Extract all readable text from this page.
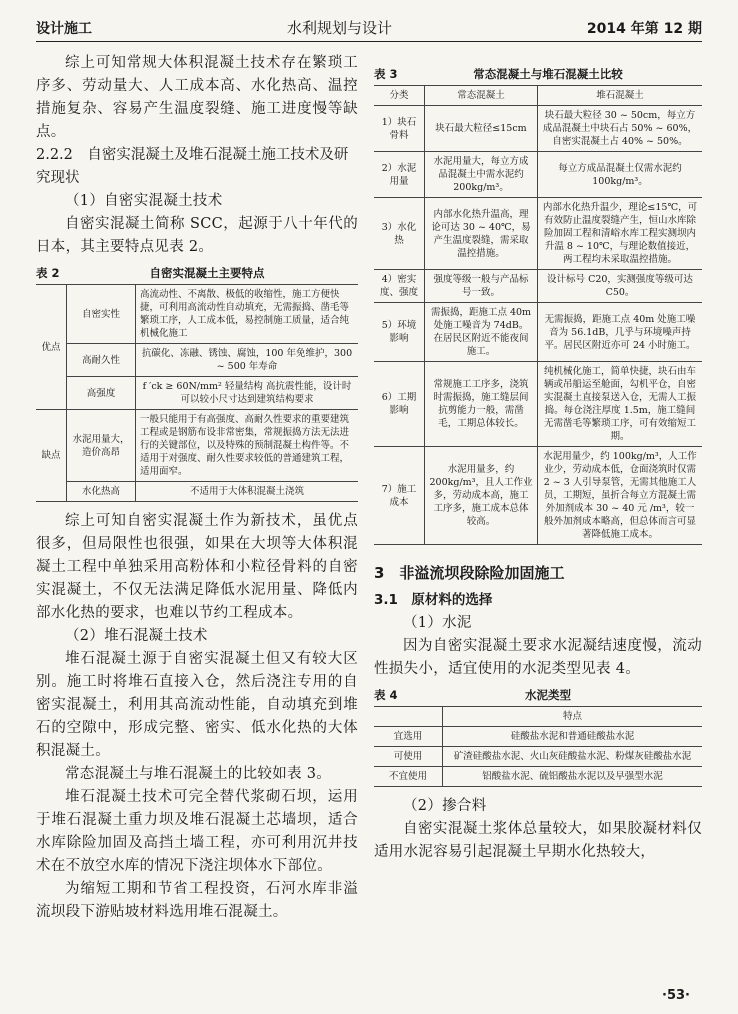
设计施工	水利规划与设计	2014 年第 12 期

综上可知常规大体积混凝土技术存在繁琐工序多、劳动量大、人工成本高、水化热高、温控措施复杂、容易产生温度裂缝、施工进度慢等缺点。

2.2.2　自密实混凝土及堆石混凝土施工技术及研究现状

（1）自密实混凝土技术

自密实混凝土简称 SCC，起源于八十年代的日本，其主要特点见表 2。

表 2	自密实混凝土主要特点
优点	自密实性	高流动性、不离散、极低的收缩性，施工方便快捷，可利用高流动性自动填充，无需振捣、凿毛等繁琐工序，人工成本低，易控制施工质量，适合纯机械化施工
	高耐久性	抗碳化、冻融、锈蚀、腐蚀，100 年免维护，300 ~ 500 年寿命
	高强度	f ′ck ≥ 60N/mm² 轻量结构 高抗震性能，设计时可以较小尺寸达到建筑结构要求
缺点	水泥用量大，造价高昂	一般只能用于有高强度、高耐久性要求的重要建筑工程或是钢筋布设非常密集，常规振捣方法无法进行的关键部位，以及特殊的预制混凝土构件等。不适用于对强度、耐久性要求较低的普通建筑工程，适用面窄。
	水化热高	不适用于大体积混凝土浇筑

综上可知自密实混凝土作为新技术，虽优点很多，但局限性也很强，如果在大坝等大体积混凝土工程中单独采用高粉体和小粒径骨料的自密实混凝土，不仅无法满足降低水泥用量、降低内部水化热的要求，也难以节约工程成本。

（2）堆石混凝土技术

堆石混凝土源于自密实混凝土但又有较大区别。施工时将堆石直接入仓，然后浇注专用的自密实混凝土，利用其高流动性能，自动填充到堆石的空隙中，形成完整、密实、低水化热的大体积混凝土。

常态混凝土与堆石混凝土的比较如表 3。

堆石混凝土技术可完全替代浆砌石坝，运用于堆石混凝土重力坝及堆石混凝土芯墙坝，适合水库除险加固及高挡土墙工程，亦可利用沉井技术在不放空水库的情况下浇注坝体水下部位。

为缩短工期和节省工程投资，石河水库非溢流坝段下游贴坡材料选用堆石混凝土。

表 3	常态混凝土与堆石混凝土比较
分类	常态混凝土	堆石混凝土
1）块石骨料	块石最大粒径≤15cm	块石最大粒径 30 ~ 50cm，每立方成品混凝土中块石占 50% ~ 60%，自密实混凝土占 40% ~ 50%。
2）水泥用量	水泥用量大，每立方成品混凝土中需水泥约 200kg/m³。	每立方成品混凝土仅需水泥约 100kg/m³。
3）水化热	内部水化热升温高，理论可达 30 ~ 40℃，易产生温度裂缝，需采取温控措施。	内部水化热升温少，理论≤15℃，可有效防止温度裂缝产生，恒山水库除险加固工程和清峪水库工程实测坝内升温 8 ~ 10℃，与理论数值接近，两工程均未采取温控措施。
4）密实度、强度	强度等级一般与产品标号一致。	设计标号 C20，实测强度等级可达 C50。
5）环境影响	需振捣，距施工点 40m 处施工噪音为 74dB。在居民区附近不能夜间施工。	无需振捣，距施工点 40m 处施工噪音为 56.1dB，几乎与环境噪声持平。居民区附近亦可 24 小时施工。
6）工期影响	常规施工工序多，浇筑时需振捣，施工缝层间抗剪能力一般，需凿毛，工期总体较长。	纯机械化施工，简单快捷，块石由车辆或吊船运至舱面，勾机平仓，自密实混凝土直接泵送入仓，无需人工振捣。每仓浇注厚度 1.5m，施工缝间无需凿毛等繁琐工序，可有效缩短工期。
7）施工成本	水泥用量多，约 200kg/m³，且人工作业多，劳动成本高，施工工序多，施工成本总体较高。	水泥用量少，约 100kg/m³，人工作业少，劳动成本低，仓面浇筑时仅需 2 ~ 3 人引导泵管，无需其他施工人员，工期短，虽折合每立方混凝土需外加剂成本 30 ~ 40 元 /m³，较一般外加剂成本略高，但总体而言可显著降低施工成本。
3　非溢流坝段除险加固施工
3.1　原材料的选择

（1）水泥

因为自密实混凝土要求水泥凝结速度慢，流动性损失小，适宜使用的水泥类型见表 4。

表 4	水泥类型
	特点
宜选用	硅酸盐水泥和普通硅酸盐水泥
可使用	矿渣硅酸盐水泥、火山灰硅酸盐水泥、粉煤灰硅酸盐水泥
不宜使用	铝酸盐水泥、硫铝酸盐水泥以及早强型水泥

（2）掺合料

自密实混凝土浆体总量较大，如果胶凝材料仅适用水泥容易引起混凝土早期水化热较大，

·53·
